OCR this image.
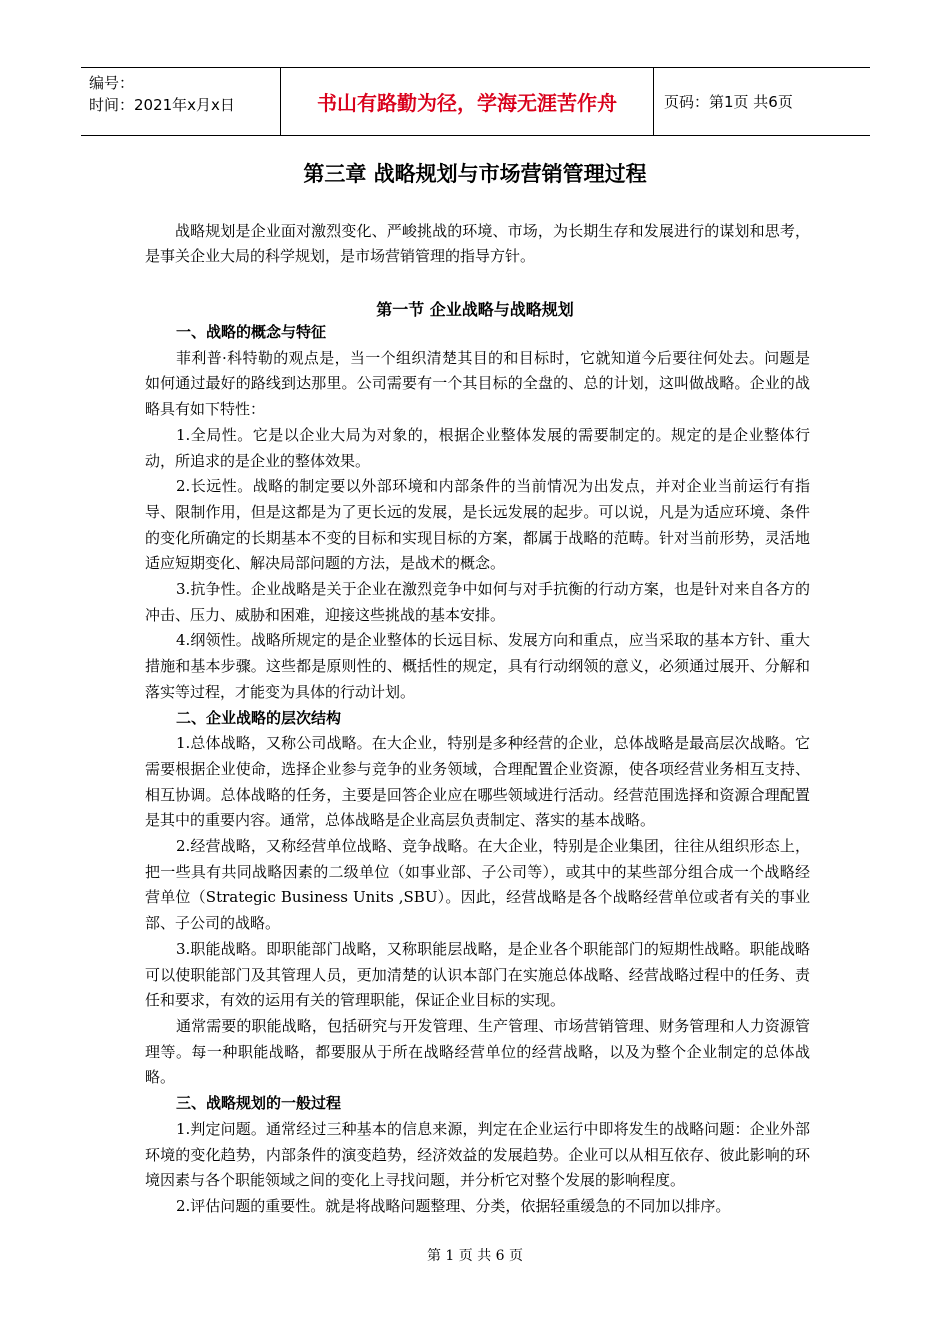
编号：
时间：2021年x月x日	书山有路勤为径，学海无涯苦作舟	页码：第1页 共6页
第三章 战略规划与市场营销管理过程

战略规划是企业面对激烈变化、严峻挑战的环境、市场，为长期生存和发展进行的谋划和思考，是事关企业大局的科学规划，是市场营销管理的指导方针。

第一节 企业战略与战略规划
一、战略的概念与特征

菲利普·科特勒的观点是，当一个组织清楚其目的和目标时，它就知道今后要往何处去。问题是如何通过最好的路线到达那里。公司需要有一个其目标的全盘的、总的计划，这叫做战略。企业的战略具有如下特性：

1.全局性。它是以企业大局为对象的，根据企业整体发展的需要制定的。规定的是企业整体行动，所追求的是企业的整体效果。

2.长远性。战略的制定要以外部环境和内部条件的当前情况为出发点，并对企业当前运行有指导、限制作用，但是这都是为了更长远的发展，是长远发展的起步。可以说，凡是为适应环境、条件的变化所确定的长期基本不变的目标和实现目标的方案，都属于战略的范畴。针对当前形势，灵活地适应短期变化、解决局部问题的方法，是战术的概念。

3.抗争性。企业战略是关于企业在激烈竞争中如何与对手抗衡的行动方案，也是针对来自各方的冲击、压力、威胁和困难，迎接这些挑战的基本安排。

4.纲领性。战略所规定的是企业整体的长远目标、发展方向和重点，应当采取的基本方针、重大措施和基本步骤。这些都是原则性的、概括性的规定，具有行动纲领的意义，必须通过展开、分解和落实等过程，才能变为具体的行动计划。

二、企业战略的层次结构

1.总体战略，又称公司战略。在大企业，特别是多种经营的企业，总体战略是最高层次战略。它需要根据企业使命，选择企业参与竞争的业务领域，合理配置企业资源，使各项经营业务相互支持、相互协调。总体战略的任务，主要是回答企业应在哪些领域进行活动。经营范围选择和资源合理配置是其中的重要内容。通常，总体战略是企业高层负责制定、落实的基本战略。

2.经营战略，又称经营单位战略、竞争战略。在大企业，特别是企业集团，往往从组织形态上，把一些具有共同战略因素的二级单位（如事业部、子公司等），或其中的某些部分组合成一个战略经营单位（Strategic Business Units ,SBU）。因此，经营战略是各个战略经营单位或者有关的事业部、子公司的战略。

3.职能战略。即职能部门战略，又称职能层战略，是企业各个职能部门的短期性战略。职能战略可以使职能部门及其管理人员，更加清楚的认识本部门在实施总体战略、经营战略过程中的任务、责任和要求，有效的运用有关的管理职能，保证企业目标的实现。

通常需要的职能战略，包括研究与开发管理、生产管理、市场营销管理、财务管理和人力资源管理等。每一种职能战略，都要服从于所在战略经营单位的经营战略，以及为整个企业制定的总体战略。

三、战略规划的一般过程

1.判定问题。通常经过三种基本的信息来源，判定在企业运行中即将发生的战略问题：企业外部环境的变化趋势，内部条件的演变趋势，经济效益的发展趋势。企业可以从相互依存、彼此影响的环境因素与各个职能领域之间的变化上寻找问题，并分析它对整个发展的影响程度。

2.评估问题的重要性。就是将战略问题整理、分类，依据轻重缓急的不同加以排序。

第 1 页 共 6 页
